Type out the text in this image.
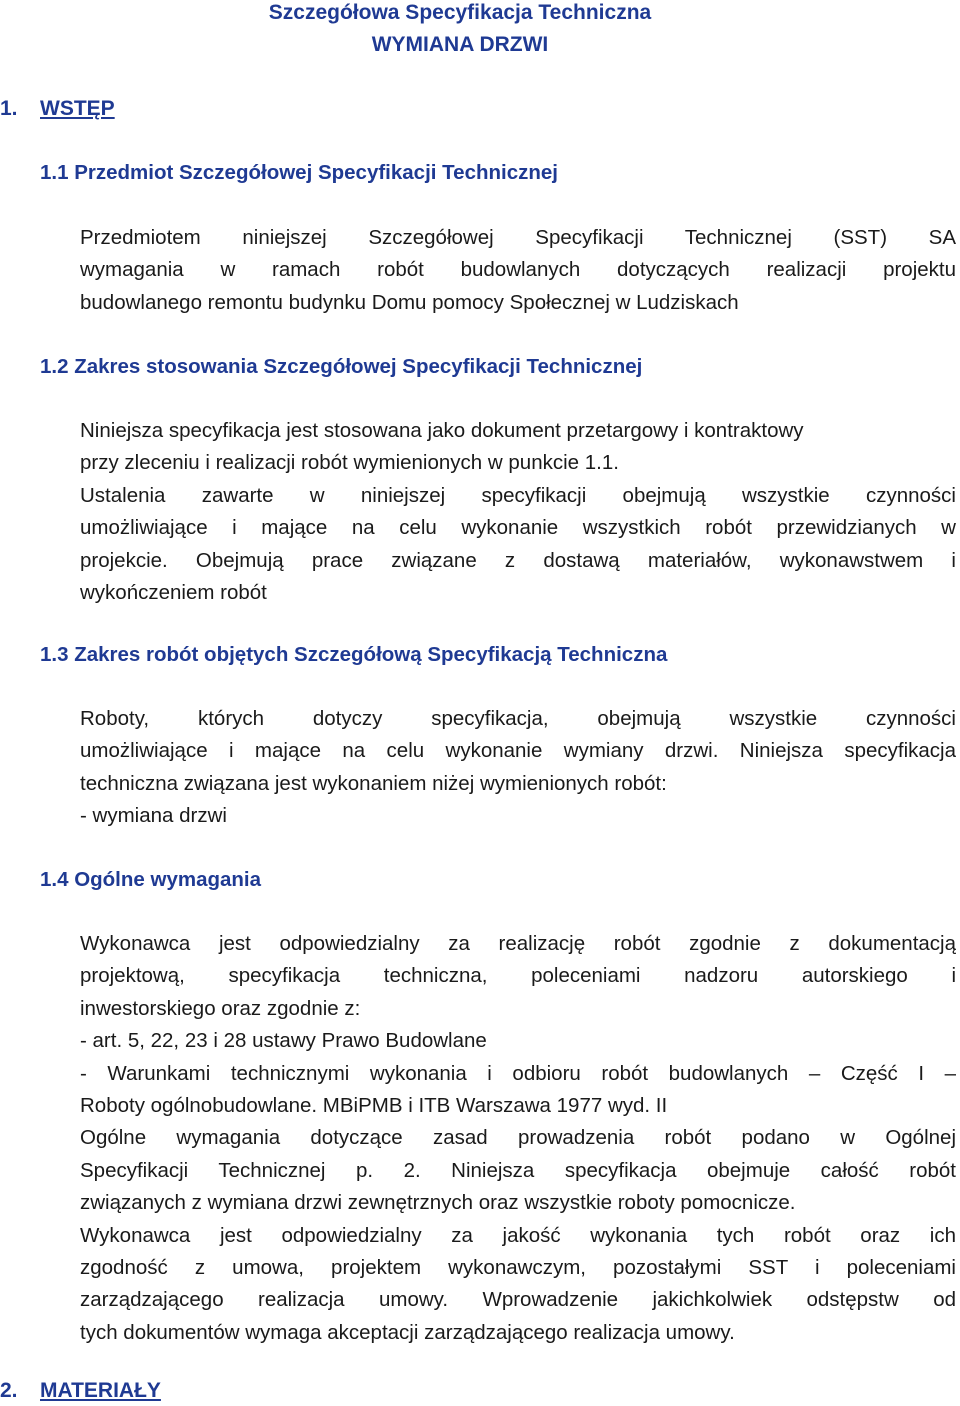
Szczegółowa Specyfikacja Techniczna
WYMIANA DRZWI
1. WSTĘP
1.1 Przedmiot Szczegółowej Specyfikacji Technicznej
Przedmiotem niniejszej Szczegółowej Specyfikacji Technicznej (SST) SA
wymagania w ramach robót budowlanych dotyczących realizacji projektu
budowlanego remontu budynku Domu pomocy Społecznej w Ludziskach
1.2 Zakres stosowania Szczegółowej Specyfikacji Technicznej
Niniejsza specyfikacja jest stosowana jako dokument przetargowy i kontraktowy
przy zleceniu i realizacji robót wymienionych w punkcie 1.1.
Ustalenia zawarte w niniejszej specyfikacji obejmują wszystkie czynności
umożliwiające i mające na celu wykonanie wszystkich robót przewidzianych w
projekcie. Obejmują prace związane z dostawą materiałów, wykonawstwem i
wykończeniem robót
1.3 Zakres robót objętych Szczegółową Specyfikacją Techniczna
Roboty, których dotyczy specyfikacja, obejmują wszystkie czynności
umożliwiające i mające na celu wykonanie wymiany drzwi. Niniejsza specyfikacja
techniczna związana jest wykonaniem niżej wymienionych robót:
- wymiana drzwi
1.4 Ogólne wymagania
Wykonawca jest odpowiedzialny za realizację robót zgodnie z dokumentacją
projektową, specyfikacja techniczna, poleceniami nadzoru autorskiego i
inwestorskiego oraz zgodnie z:
- art. 5, 22, 23 i 28 ustawy Prawo Budowlane
- Warunkami technicznymi wykonania i odbioru robót budowlanych – Część I –
Roboty ogólnobudowlane. MBiPMB i ITB Warszawa 1977 wyd. II
Ogólne wymagania dotyczące zasad prowadzenia robót podano w Ogólnej
Specyfikacji Technicznej p. 2. Niniejsza specyfikacja obejmuje całość robót
związanych z wymiana drzwi zewnętrznych oraz wszystkie roboty pomocnicze.
Wykonawca jest odpowiedzialny za jakość wykonania tych robót oraz ich
zgodność z umowa, projektem wykonawczym, pozostałymi SST i poleceniami
zarządzającego realizacja umowy. Wprowadzenie jakichkolwiek odstępstw od
tych dokumentów wymaga akceptacji zarządzającego realizacja umowy.
2. MATERIAŁY
